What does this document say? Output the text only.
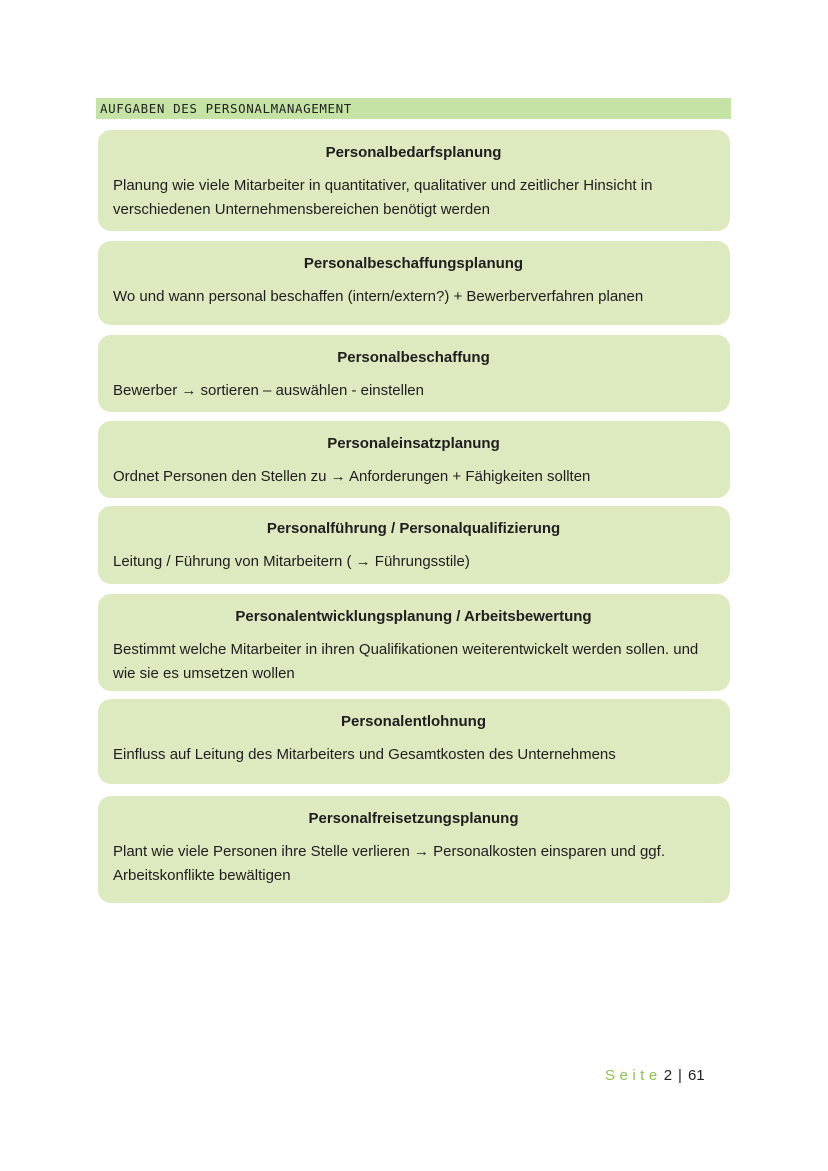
AUFGABEN DES PERSONALMANAGEMENT
Personalbedarfsplanung
Planung wie viele Mitarbeiter in quantitativer, qualitativer und zeitlicher Hinsicht in verschiedenen Unternehmensbereichen benötigt werden
Personalbeschaffungsplanung
Wo und wann personal beschaffen (intern/extern?) + Bewerberverfahren planen
Personalbeschaffung
Bewerber → sortieren – auswählen - einstellen
Personaleinsatzplanung
Ordnet Personen den Stellen zu → Anforderungen + Fähigkeiten sollten
Personalführung / Personalqualifizierung
Leitung / Führung von Mitarbeitern ( → Führungsstile)
Personalentwicklungsplanung / Arbeitsbewertung
Bestimmt welche Mitarbeiter in ihren Qualifikationen weiterentwickelt werden sollen. und wie sie es umsetzen wollen
Personalentlohnung
Einfluss auf Leitung des Mitarbeiters und Gesamtkosten des Unternehmens
Personalfreisetzungsplanung
Plant wie viele Personen ihre Stelle verlieren → Personalkosten einsparen und ggf. Arbeitskonflikte bewältigen
Seite 2 | 61
